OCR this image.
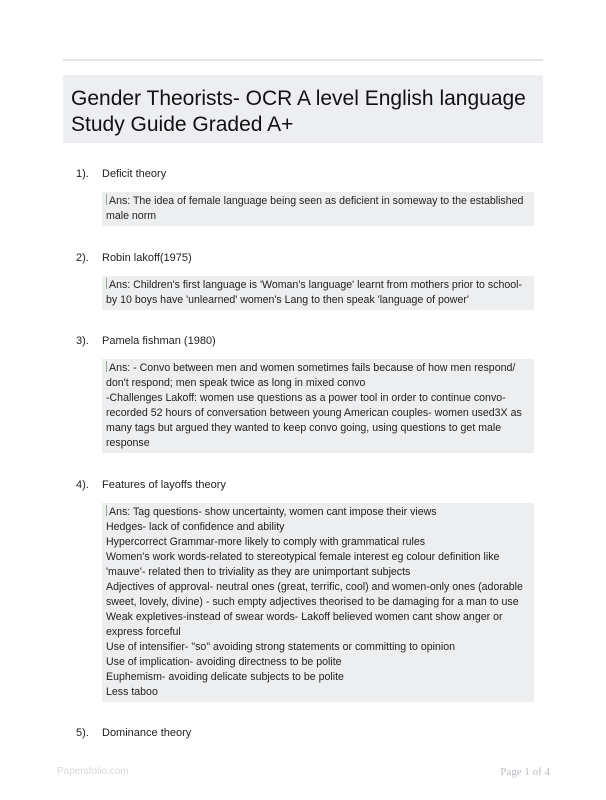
Gender Theorists- OCR A level English language
Study Guide Graded A+
1). Deficit theory
Ans: The idea of female language being seen as deficient in someway to the established
male norm
2). Robin lakoff(1975)
Ans: Children's first language is 'Woman's language' learnt from mothers prior to school-
by 10 boys have 'unlearned' women's Lang to then speak 'language of power'
3). Pamela fishman (1980)
Ans: - Convo between men and women sometimes fails because of how men respond/
don't respond; men speak twice as long in mixed convo
-Challenges Lakoff: women use questions as a power tool in order to continue convo-
recorded 52 hours of conversation between young American couples- women used3X as
many tags but argued they wanted to keep convo going, using questions to get male
response
4). Features of layoffs theory
Ans: Tag questions- show uncertainty, women cant impose their views
Hedges- lack of confidence and ability
Hypercorrect Grammar-more likely to comply with grammatical rules
Women's work words-related to stereotypical female interest eg colour definition like
'mauve'- related then to triviality as they are unimportant subjects
Adjectives of approval- neutral ones (great, terrific, cool) and women-only ones (adorable
sweet, lovely, divine) - such empty adjectives theorised to be damaging for a man to use
Weak expletives-instead of swear words- Lakoff believed women cant show anger or
express forceful
Use of intensifier- "so" avoiding strong statements or committing to opinion
Use of implication- avoiding directness to be polite
Euphemism- avoiding delicate subjects to be polite
Less taboo
5). Dominance theory
Papersfolio.com	Page 1 of 4
